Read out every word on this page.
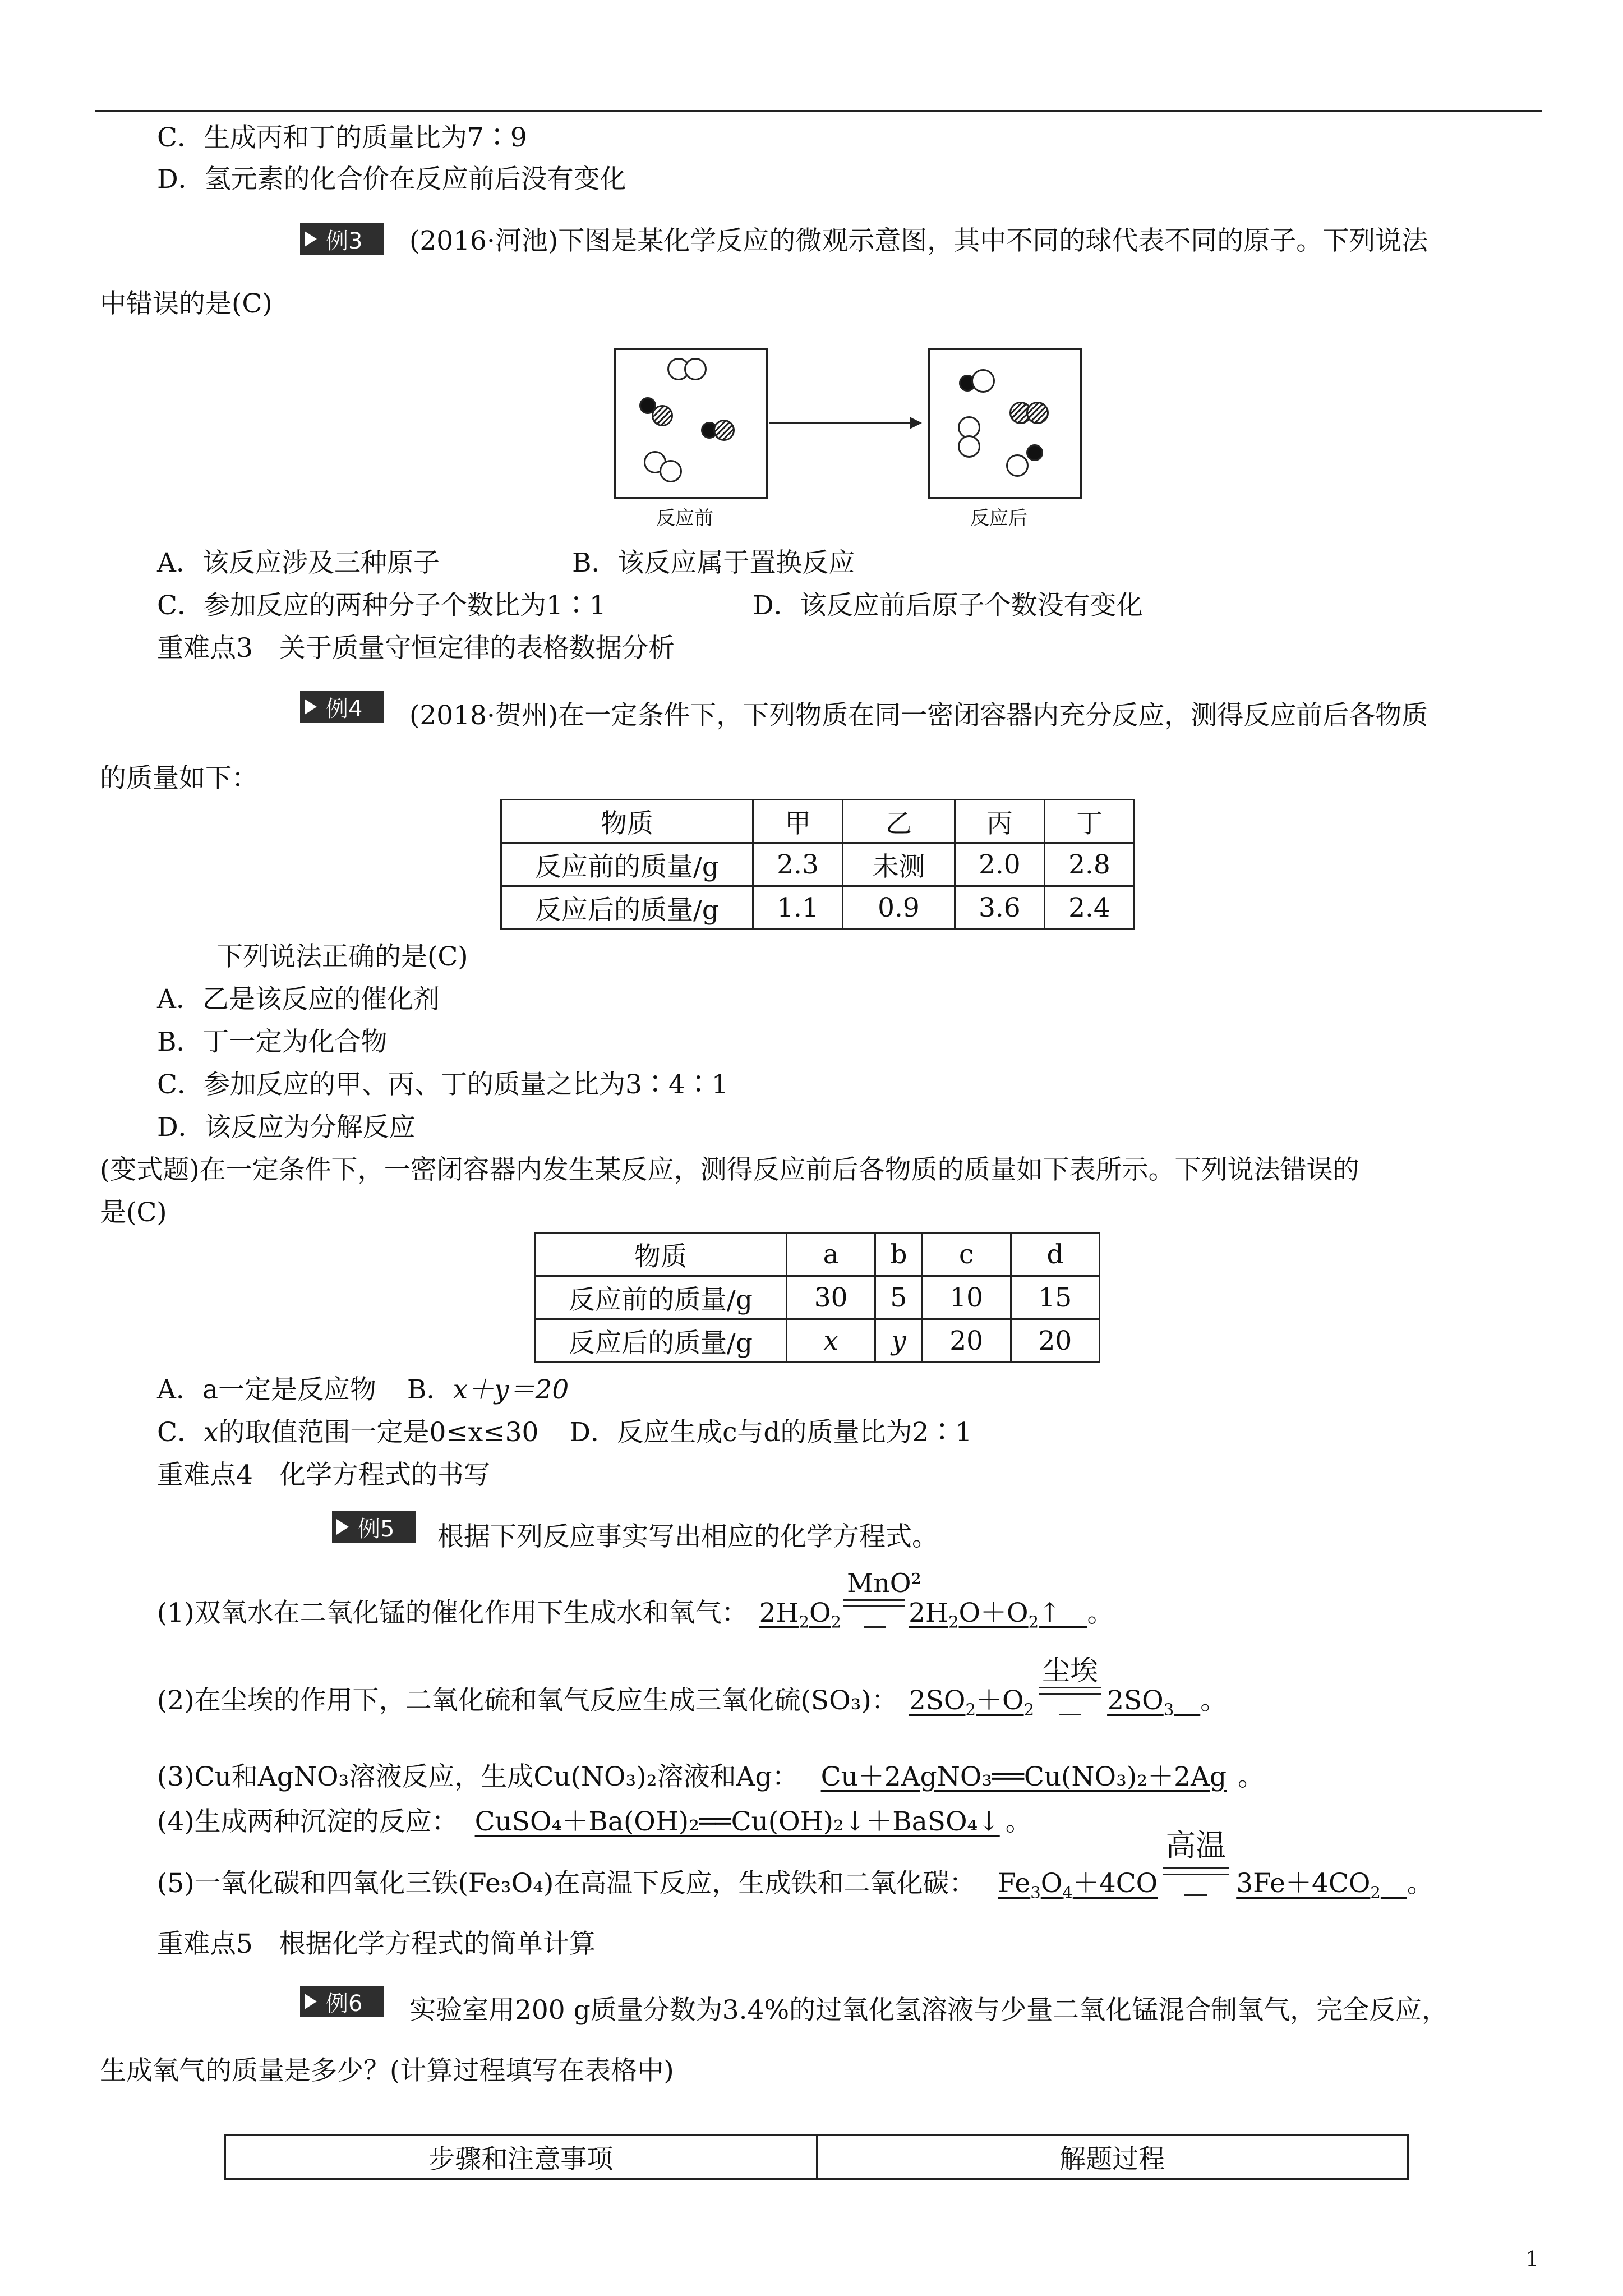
C．生成丙和丁的质量比为7∶9
D．氢元素的化合价在反应前后没有变化
例3 (2016·河池)下图是某化学反应的微观示意图，其中不同的球代表不同的原子。下列说法
中错误的是(C)
反应前	反应后
A．该反应涉及三种原子	B．该反应属于置换反应
C．参加反应的两种分子个数比为1∶1	D．该反应前后原子个数没有变化
重难点3　关于质量守恒定律的表格数据分析
例4 (2018·贺州)在一定条件下，下列物质在同一密闭容器内充分反应，测得反应前后各物质
的质量如下：
物质	甲	乙	丙	丁
反应前的质量/g	2.3	未测	2.0	2.8
反应后的质量/g	1.1	0.9	3.6	2.4
下列说法正确的是(C)
A．乙是该反应的催化剂
B．丁一定为化合物
C．参加反应的甲、丙、丁的质量之比为3∶4∶1
D．该反应为分解反应
(变式题)在一定条件下，一密闭容器内发生某反应，测得反应前后各物质的质量如下表所示。下列说法错误的
是(C)
物质	a	b	c	d
反应前的质量/g	30	5	10	15
反应后的质量/g	x	y	20	20
A．a一定是反应物 B．x＋y＝20
C．x的取值范围一定是0≤x≤30 D．反应生成c与d的质量比为2∶1
重难点4　化学方程式的书写
例5 根据下列反应事实写出相应的化学方程式。
(1)双氧水在二氧化锰的催化作用下生成水和氧气： $2H_2O_2$
MnO²
$2H_2O+O_2↑$　。
(2)在尘埃的作用下，二氧化硫和氧气反应生成三氧化硫(SO₃)： $2SO_2+O_2$
尘埃
$2SO_3$　 。
(3)Cu和AgNO₃溶液反应，生成Cu(NO₃)₂溶液和Ag： Cu＋2AgNO₃══Cu(NO₃)₂＋2Ag 。
(4)生成两种沉淀的反应： CuSO₄＋Ba(OH)₂══Cu(OH)₂↓＋BaSO₄↓ 。
(5)一氧化碳和四氧化三铁(Fe₃O₄)在高温下反应，生成铁和二氧化碳： $Fe_3O_4+4CO$
高温
$3Fe+4CO_2$　 。
重难点5　根据化学方程式的简单计算
例6 实验室用200 g质量分数为3.4%的过氧化氢溶液与少量二氧化锰混合制氧气，完全反应，
生成氧气的质量是多少？(计算过程填写在表格中)
步骤和注意事项	解题过程
1
